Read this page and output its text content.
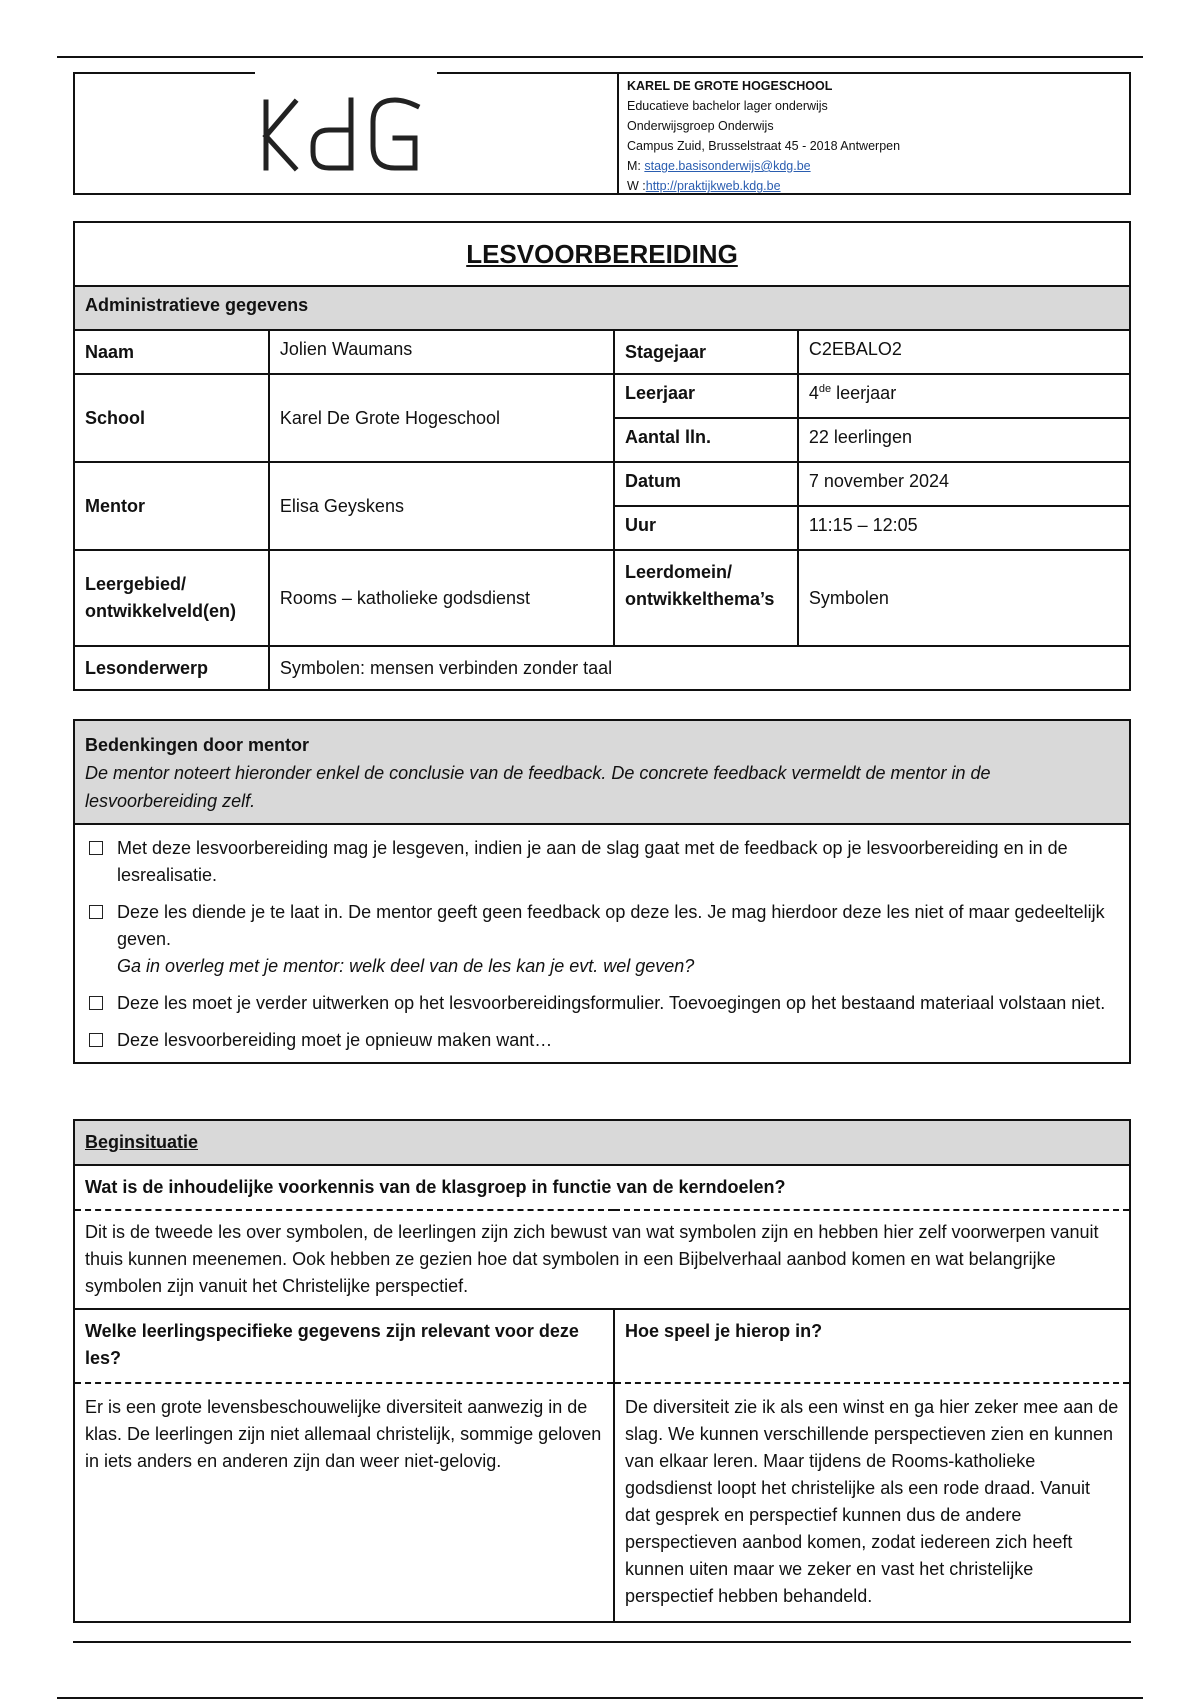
KAREL DE GROTE HOGESCHOOL
Educatieve bachelor lager onderwijs
Onderwijsgroep Onderwijs
Campus Zuid, Brusselstraat 45 - 2018 Antwerpen
M: stage.basisonderwijs@kdg.be
W :http://praktijkweb.kdg.be
LESVOORBEREIDING			
Administratieve gegevens			
Naam	Jolien Waumans	Stagejaar	C2EBALO2
School	Karel De Grote Hogeschool	Leerjaar	4de leerjaar
		Aantal lln.	22 leerlingen
Mentor	Elisa Geyskens	Datum	7 november 2024
		Uur	11:15 – 12:05
Leergebied/ ontwikkelveld(en)	Rooms – katholieke godsdienst	Leerdomein/ ontwikkelthema’s	Symbolen
Lesonderwerp	Symbolen: mensen verbinden zonder taal		
Bedenkingen door mentor
De mentor noteert hieronder enkel de conclusie van de feedback. De concrete feedback vermeldt de mentor in de lesvoorbereiding zelf.
Met deze lesvoorbereiding mag je lesgeven, indien je aan de slag gaat met de feedback op je lesvoorbereiding en in de lesrealisatie.
Deze les diende je te laat in. De mentor geeft geen feedback op deze les. Je mag hierdoor deze les niet of maar gedeeltelijk geven.
Ga in overleg met je mentor: welk deel van de les kan je evt. wel geven?
Deze les moet je verder uitwerken op het lesvoorbereidingsformulier. Toevoegingen op het bestaand materiaal volstaan niet.
Deze lesvoorbereiding moet je opnieuw maken want…
Beginsituatie	
Wat is de inhoudelijke voorkennis van de klasgroep in functie van de kerndoelen?	
Dit is de tweede les over symbolen, de leerlingen zijn zich bewust van wat symbolen zijn en hebben hier zelf voorwerpen vanuit thuis kunnen meenemen. Ook hebben ze gezien hoe dat symbolen in een Bijbelverhaal aanbod komen en wat belangrijke symbolen zijn vanuit het Christelijke perspectief.	
Welke leerlingspecifieke gegevens zijn relevant voor deze les?	Hoe speel je hierop in?
Er is een grote levensbeschouwelijke diversiteit aanwezig in de klas. De leerlingen zijn niet allemaal christelijk, sommige geloven in iets anders en anderen zijn dan weer niet-gelovig.	De diversiteit zie ik als een winst en ga hier zeker mee aan de slag. We kunnen verschillende perspectieven zien en kunnen van elkaar leren. Maar tijdens de Rooms-katholieke godsdienst loopt het christelijke als een rode draad. Vanuit dat gesprek en perspectief kunnen dus de andere perspectieven aanbod komen, zodat iedereen zich heeft kunnen uiten maar we zeker en vast het christelijke perspectief hebben behandeld.
